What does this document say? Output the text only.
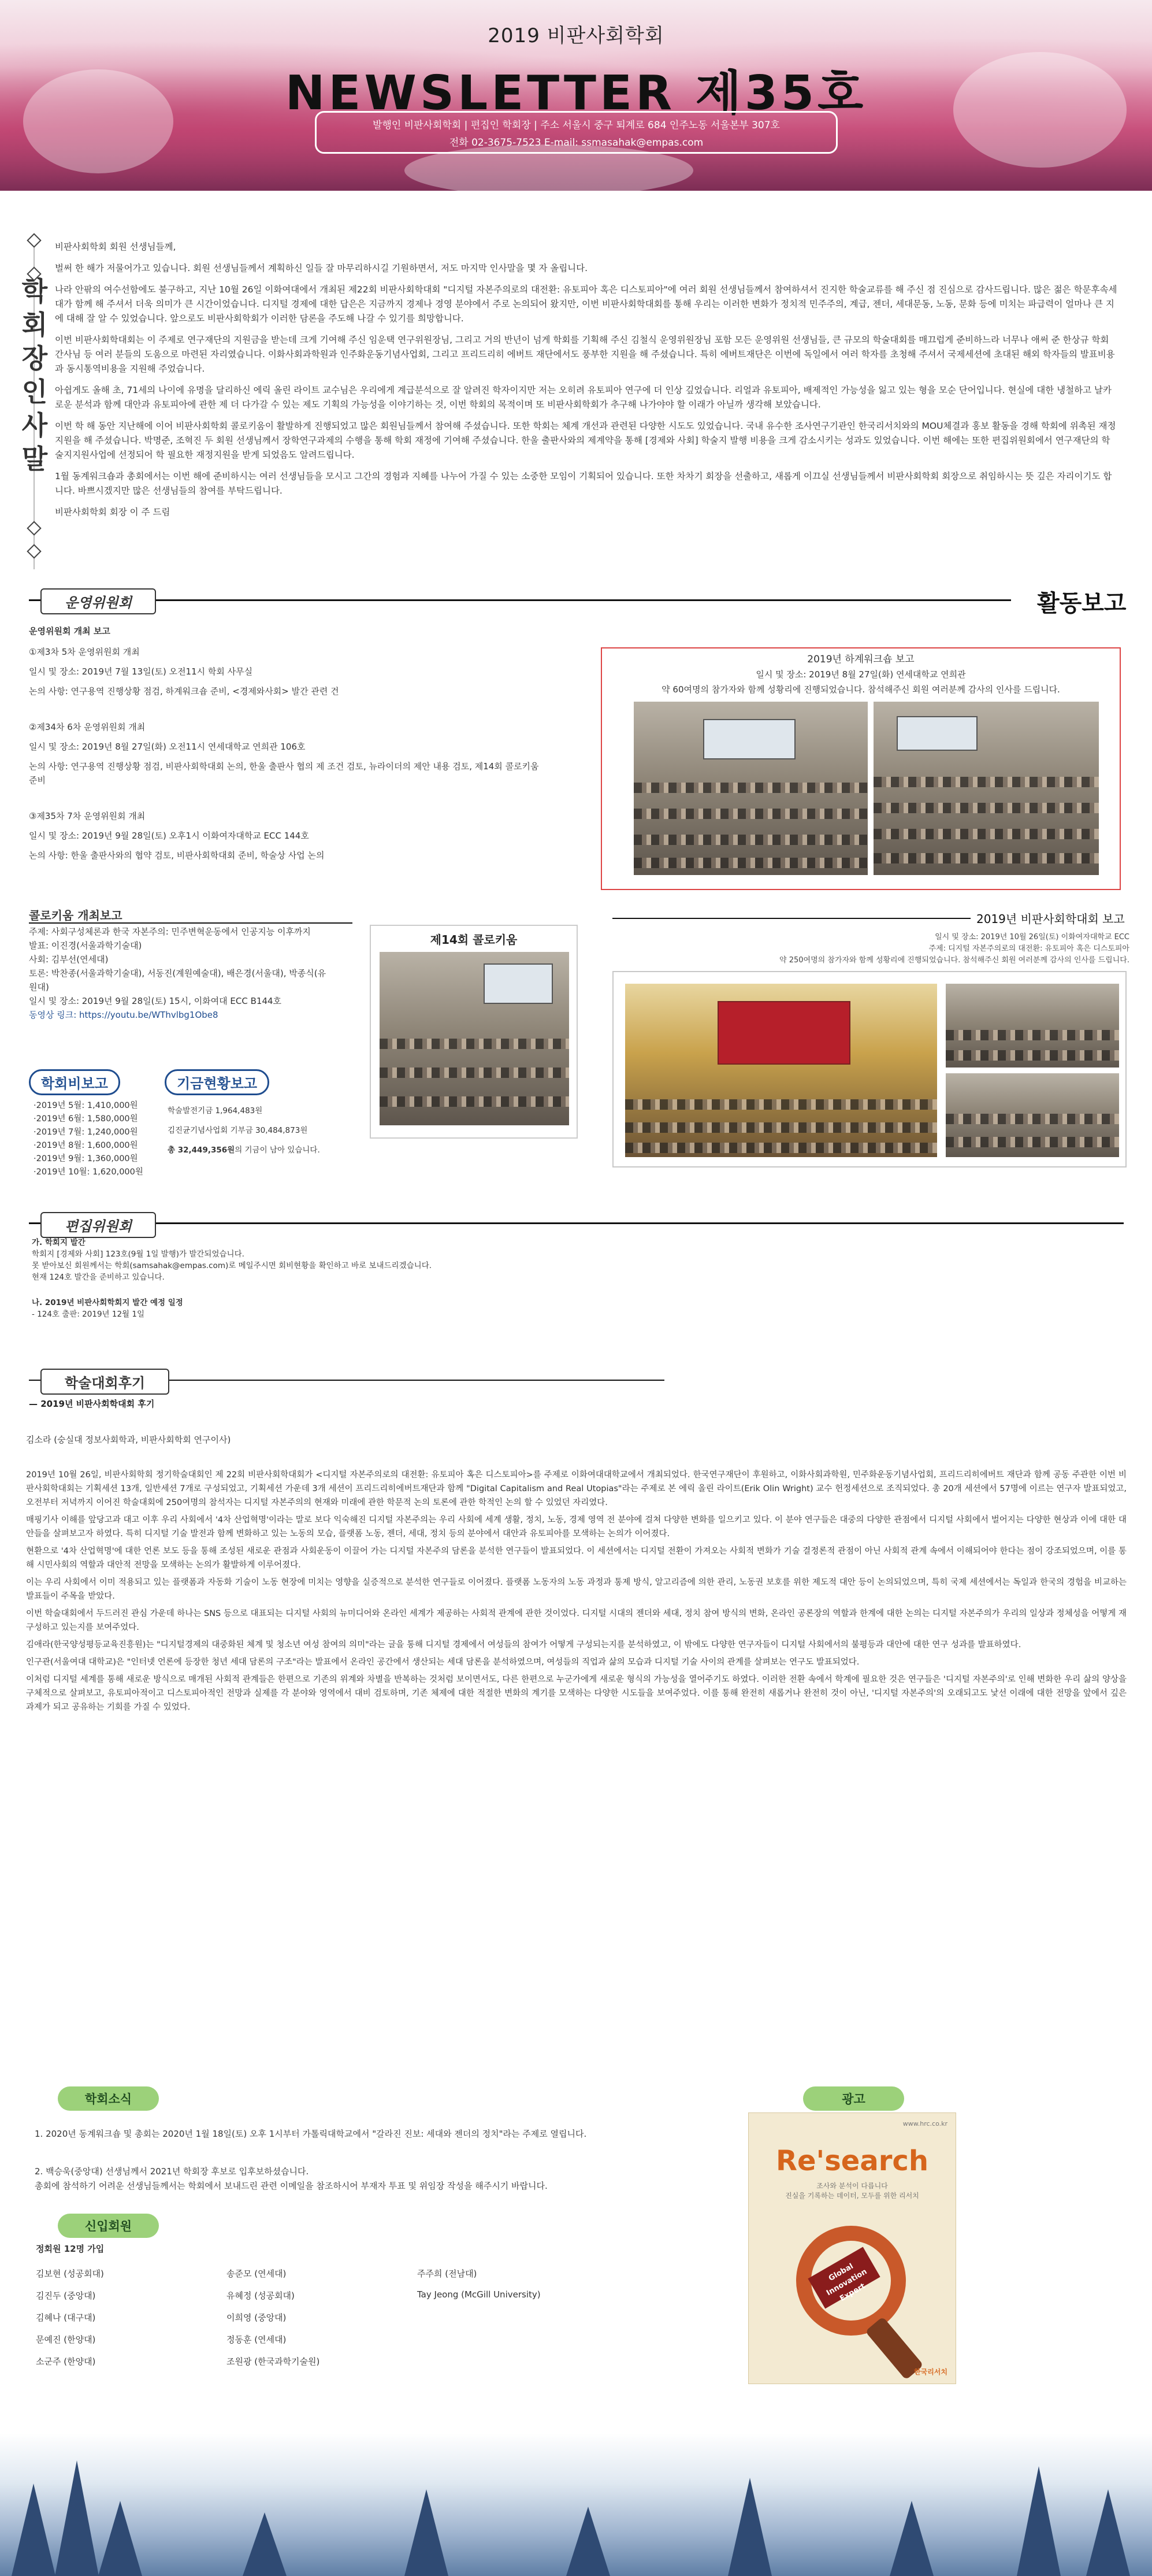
2019 비판사회학회
NEWSLETTER 제35호
발행인 비판사회학회 | 편집인 학회장 | 주소 서울시 중구 퇴계로 684 인주노동 서울본부 307호
전화 02-3675-7523 E-mail: ssmasahak@empas.com
학회장인사말

비판사회학회 회원 선생님들께,

벌써 한 해가 저물어가고 있습니다. 회원 선생님들께서 계획하신 일들 잘 마무리하시길 기원하면서, 저도 마지막 인사말을 몇 자 올립니다.

나라 안팎의 여수선함에도 불구하고, 지난 10월 26일 이화여대에서 개최된 제22회 비판사회학대회 "디지털 자본주의로의 대전환: 유토피아 혹은 디스토피아"에 여러 회원 선생님들께서 참여하셔서 진지한 학술교류를 해 주신 점 진심으로 감사드립니다. 많은 젊은 학문후속세대가 함께 해 주셔서 더욱 의미가 큰 시간이었습니다. 디지털 경제에 대한 답은은 지금까지 경제나 경영 분야에서 주로 논의되어 왔지만, 이번 비판사회학대회를 통해 우리는 이러한 변화가 정치적 민주주의, 계급, 젠더, 세대문동, 노동, 문화 등에 미치는 파급력이 얼마나 큰 지에 대해 잘 알 수 있었습니다. 앞으로도 비판사회학회가 이러한 담론을 주도해 나갈 수 있기를 희망합니다.

이번 비판사회학대회는 이 주제로 연구재단의 지원금을 받는데 크게 기여해 주신 임운택 연구위원장님, 그리고 거의 반년이 넘게 학회를 기획해 주신 김철식 운영위원장님 포함 모든 운영위원 선생님들, 큰 규모의 학술대회를 매끄럽게 준비하느라 너무나 애써 준 한상규 학회 간사님 등 여러 분들의 도움으로 마련된 자리였습니다. 이화사회과학원과 인주화운동기념사업회, 그리고 프리드리히 에버트 재단에서도 풍부한 지원을 해 주셨습니다. 특히 에버트재단은 이번에 독일에서 여러 학자를 초청해 주셔서 국제세션에 초대된 해외 학자들의 발표비용과 동시통역비용을 지원해 주었습니다.

아쉽게도 올해 초, 71세의 나이에 유명을 달리하신 에릭 올린 라이트 교수님은 우리에게 계급분석으로 잘 알려진 학자이지만 저는 오히려 유토피아 연구에 더 인상 깊었습니다. 리얼과 유토피아, 배제적인 가능성을 잃고 있는 형을 모순 단어입니다. 현실에 대한 냉철하고 날카로운 분석과 함께 대안과 유토피아에 관한 제 더 다가갈 수 있는 제도 기획의 가능성을 이야기하는 것, 이번 학회의 목적이며 또 비판사회학회가 추구해 나가야야 할 이래가 아닐까 생각해 보았습니다.

이번 학 해 동안 지난해에 이어 비판사회학회 콜로키움이 활발하게 진행되었고 많은 회원님들께서 참여해 주셨습니다. 또한 학회는 체계 개선과 관련된 다양한 시도도 있었습니다. 국내 유수한 조사연구기관인 한국리서치와의 MOU체결과 홍보 활동을 경해 학회에 위촉된 재정 지원을 해 주셨습니다. 박명준, 조혁진 두 회원 선생님께서 장학연구과제의 수행을 통해 학회 재정에 기여해 주셨습니다. 한울 출판사와의 제계약을 통해 [경제와 사회] 학술지 발행 비용을 크게 감소시키는 성과도 있었습니다. 이번 해에는 또한 편집위원회에서 연구재단의 학술지지원사업에 선정되어 학 필요한 재정지원을 받게 되었음도 알려드립니다.

1월 동계워크숍과 총회에서는 이번 해에 준비하시는 여러 선생님들을 모시고 그간의 경험과 지혜를 나누어 가질 수 있는 소중한 모임이 기획되어 있습니다. 또한 차차기 회장을 선출하고, 새롭게 이끄실 선생님들께서 비판사회학회 회장으로 취임하시는 뜻 깊은 자리이기도 합니다. 바쁘시겠지만 많은 선생님들의 참여를 부탁드립니다.

비판사회학회 회장 이 주 드림

운영위원회	활동보고
운영위원회 개최 보고
①제3차 5차 운영위원회 개최
일시 및 장소: 2019년 7월 13일(토) 오전11시 학회 사무실
논의 사항: 연구용역 진행상황 점검, 하계워크숍 준비, <경제와사회> 발간 관련 건
②제34차 6차 운영위원회 개최
일시 및 장소: 2019년 8월 27일(화) 오전11시 연세대학교 연희관 106호
논의 사항: 연구용역 진행상황 점검, 비판사회학대회 논의, 한울 출판사 협의 제 조건 검토, 뉴라이더의 제안 내용 검토, 제14회 콜로키움 준비
③제35차 7차 운영위원회 개최
일시 및 장소: 2019년 9월 28일(토) 오후1시 이화여자대학교 ECC 144호
논의 사항: 한울 출판사와의 협약 검토, 비판사회학대회 준비, 학술상 사업 논의
2019년 하계워크숍 보고
일시 및 장소: 2019년 8월 27일(화) 연세대학교 연희관
약 60여명의 참가자와 함께 성황리에 진행되었습니다. 참석해주신 회원 여러분께 감사의 인사를 드립니다.
2019년 비판사회학대회 보고
일시 및 장소: 2019년 10월 26일(토) 이화여자대학교 ECC
주제: 디지털 자본주의로의 대전환: 유토피아 혹은 디스토피아
약 250여명의 참가자와 함께 성황리에 진행되었습니다. 참석해주신 회원 여러분께 감사의 인사를 드립니다.
콜로키움 개최보고
주제: 사회구성체론과 한국 자본주의: 민주변혁운동에서 인공지능 이후까지
발표: 이진경(서울과학기술대)
사회: 김부선(연세대)
토론: 박찬종(서울과학기술대), 서동진(계원예술대), 배은경(서울대), 박종식(유원대)
일시 및 장소: 2019년 9월 28일(토) 15시, 이화여대 ECC B144호
동영상 링크: https://youtu.be/WThvlbg1Obe8
제14회 콜로키움
학회비보고
·2019년 5월: 1,410,000원
·2019년 6월: 1,580,000원
·2019년 7월: 1,240,000원
·2019년 8월: 1,600,000원
·2019년 9월: 1,360,000원
·2019년 10월: 1,620,000원
기금현황보고
학술발전기금 1,964,483원
김진균기념사업회 기부금 30,484,873원
총 32,449,356원의 기금이 남아 있습니다.
편집위원회
가. 학회지 발간
학회지 [경제와 사회] 123호(9월 1일 발행)가 발간되었습니다.
못 받아보신 회원께서는 학회(samsahak@empas.com)로 메일주시면 회비현황을 확인하고 바로 보내드리겠습니다.
현재 124호 발간을 준비하고 있습니다.
나. 2019년 비판사회학회지 발간 예정 일정
- 124호 출판: 2019년 12월 1일
학술대회후기
— 2019년 비판사회학대회 후기
김소라 (숭실대 정보사회학과, 비판사회학회 연구이사)

2019년 10월 26일, 비판사회학회 정기학술대회인 제 22회 비판사회학대회가 <디지털 자본주의로의 대전환: 유토피아 혹은 디스토피아>를 주제로 이화여대대학교에서 개최되었다. 한국연구재단이 후원하고, 이화사회과학원, 민주화운동기념사업회, 프리드리히에버트 재단과 함께 공동 주관한 이번 비판사회학대회는 기획세션 13개, 일반세션 7개로 구성되었고, 기획세션 가운데 3개 세션이 프리드리히에버트재단과 함께 "Digital Capitalism and Real Utopias"라는 주제로 본 에릭 올린 라이트(Erik Olin Wright) 교수 헌정세션으로 조직되었다. 총 20개 세션에서 57명에 이르는 연구자 발표되었고, 오전부터 저녁까지 이어진 학술대회에 250여명의 참석자는 디지털 자본주의의 현재와 미래에 관한 학문적 논의 토론에 관한 학적인 논의 할 수 있었던 자리였다.

매핑기사 이해를 앞당고과 대고 이후 우리 사회에서 '4차 산업혁명'이라는 말로 보다 익숙해진 디지털 자본주의는 우리 사회에 세계 생활, 정치, 노동, 경제 영역 전 분야에 걸쳐 다양한 변화를 일으키고 있다. 이 분야 연구들은 대중의 다양한 관점에서 디지털 사회에서 벌어지는 다양한 현상과 이에 대한 대안들을 살펴보고자 하였다. 특히 디지털 기술 발전과 함께 변화하고 있는 노동의 모습, 플랫폼 노동, 젠더, 세대, 정치 등의 분야에서 대안과 유토피아를 모색하는 논의가 이어졌다.

현환으로 '4차 산업혁명'에 대한 언론 보도 등을 통해 조성된 새로운 관점과 사회운동이 이끌어 가는 디지털 자본주의 담론을 분석한 연구들이 발표되었다. 이 세션에서는 디지털 전환이 가져오는 사회적 변화가 기술 결정론적 관점이 아닌 사회적 관계 속에서 이해되어야 한다는 점이 강조되었으며, 이를 통해 시민사회의 역할과 대안적 전망을 모색하는 논의가 활발하게 이루어졌다.

이는 우리 사회에서 이미 적용되고 있는 플랫폼과 자동화 기술이 노동 현장에 미치는 영향을 실증적으로 분석한 연구들로 이어졌다. 플랫폼 노동자의 노동 과정과 통제 방식, 알고리즘에 의한 관리, 노동권 보호를 위한 제도적 대안 등이 논의되었으며, 특히 국제 세션에서는 독일과 한국의 경험을 비교하는 발표들이 주목을 받았다.

이번 학술대회에서 두드러진 관심 가운데 하나는 SNS 등으로 대표되는 디지털 사회의 뉴미디어와 온라인 세계가 제공하는 사회적 관계에 관한 것이었다. 디지털 시대의 젠더와 세대, 정치 참여 방식의 변화, 온라인 공론장의 역할과 한계에 대한 논의는 디지털 자본주의가 우리의 일상과 정체성을 어떻게 재구성하고 있는지를 보여주었다.

김애라(한국양성평등교육진흥원)는 "디지털경제의 대중화된 체계 및 청소년 여성 참여의 의미"라는 글을 통해 디지털 경제에서 여성들의 참여가 어떻게 구성되는지를 분석하였고, 이 밖에도 다양한 연구자들이 디지털 사회에서의 불평등과 대안에 대한 연구 성과를 발표하였다.

인구관(서울여대 대학교)은 "인터넷 언론에 등장한 청년 세대 담론의 구조"라는 발표에서 온라인 공간에서 생산되는 세대 담론을 분석하였으며, 여성들의 직업과 삶의 모습과 디지털 기술 사이의 관계를 살펴보는 연구도 발표되었다.

이처럼 디지털 세계를 통해 새로운 방식으로 매개된 사회적 관계들은 한편으로 기존의 위계와 차별을 반복하는 것처럼 보이면서도, 다른 한편으로 누군가에게 새로운 형식의 가능성을 열어주기도 하였다. 이러한 전환 속에서 학계에 필요한 것은 연구들은 '디지털 자본주의'로 인해 변화한 우리 삶의 양상을 구체적으로 살펴보고, 유토피아적이고 디스토피아적인 전망과 실제를 각 분야와 영역에서 대비 검토하며, 기존 체제에 대한 적절한 변화의 계기를 모색하는 다양한 시도들을 보여주었다. 이를 통해 완전히 새롭거나 완전히 것이 아닌, '디지털 자본주의'의 오래되고도 낯선 이래에 대한 전망을 앞에서 깊은 과제가 되고 공유하는 기회를 가질 수 있었다.

학회소식
1. 2020년 동계워크숍 및 총회는 2020년 1월 18일(토) 오후 1시부터 가톨릭대학교에서 "갈라진 진보: 세대와 젠더의 정치"라는 주제로 열립니다.
2. 백승욱(중앙대) 선생님께서 2021년 학회장 후보로 입후보하셨습니다.
총회에 참석하기 어려운 선생님들께서는 학회에서 보내드린 관련 이메일을 참조하시어 부재자 투표 및 위임장 작성을 해주시기 바랍니다.
신입회원
정회원 12명 가입
김보현 (성공회대)	송준모 (연세대)	주주희 (전남대)
김진두 (중앙대)	유혜정 (성공회대)	Tay Jeong (McGill University)
김혜나 (대구대)	이희영 (중앙대)	
문예진 (한양대)	정동훈 (연세대)	
소군주 (한양대)	조원광 (한국과학기술원)	
광고
www.hrc.co.kr
Re'search
조사와 분석이 다릅니다
진실을 기록하는 데이터, 모두를 위한 리서치
Global
Innovation
Expert
한국리서치
